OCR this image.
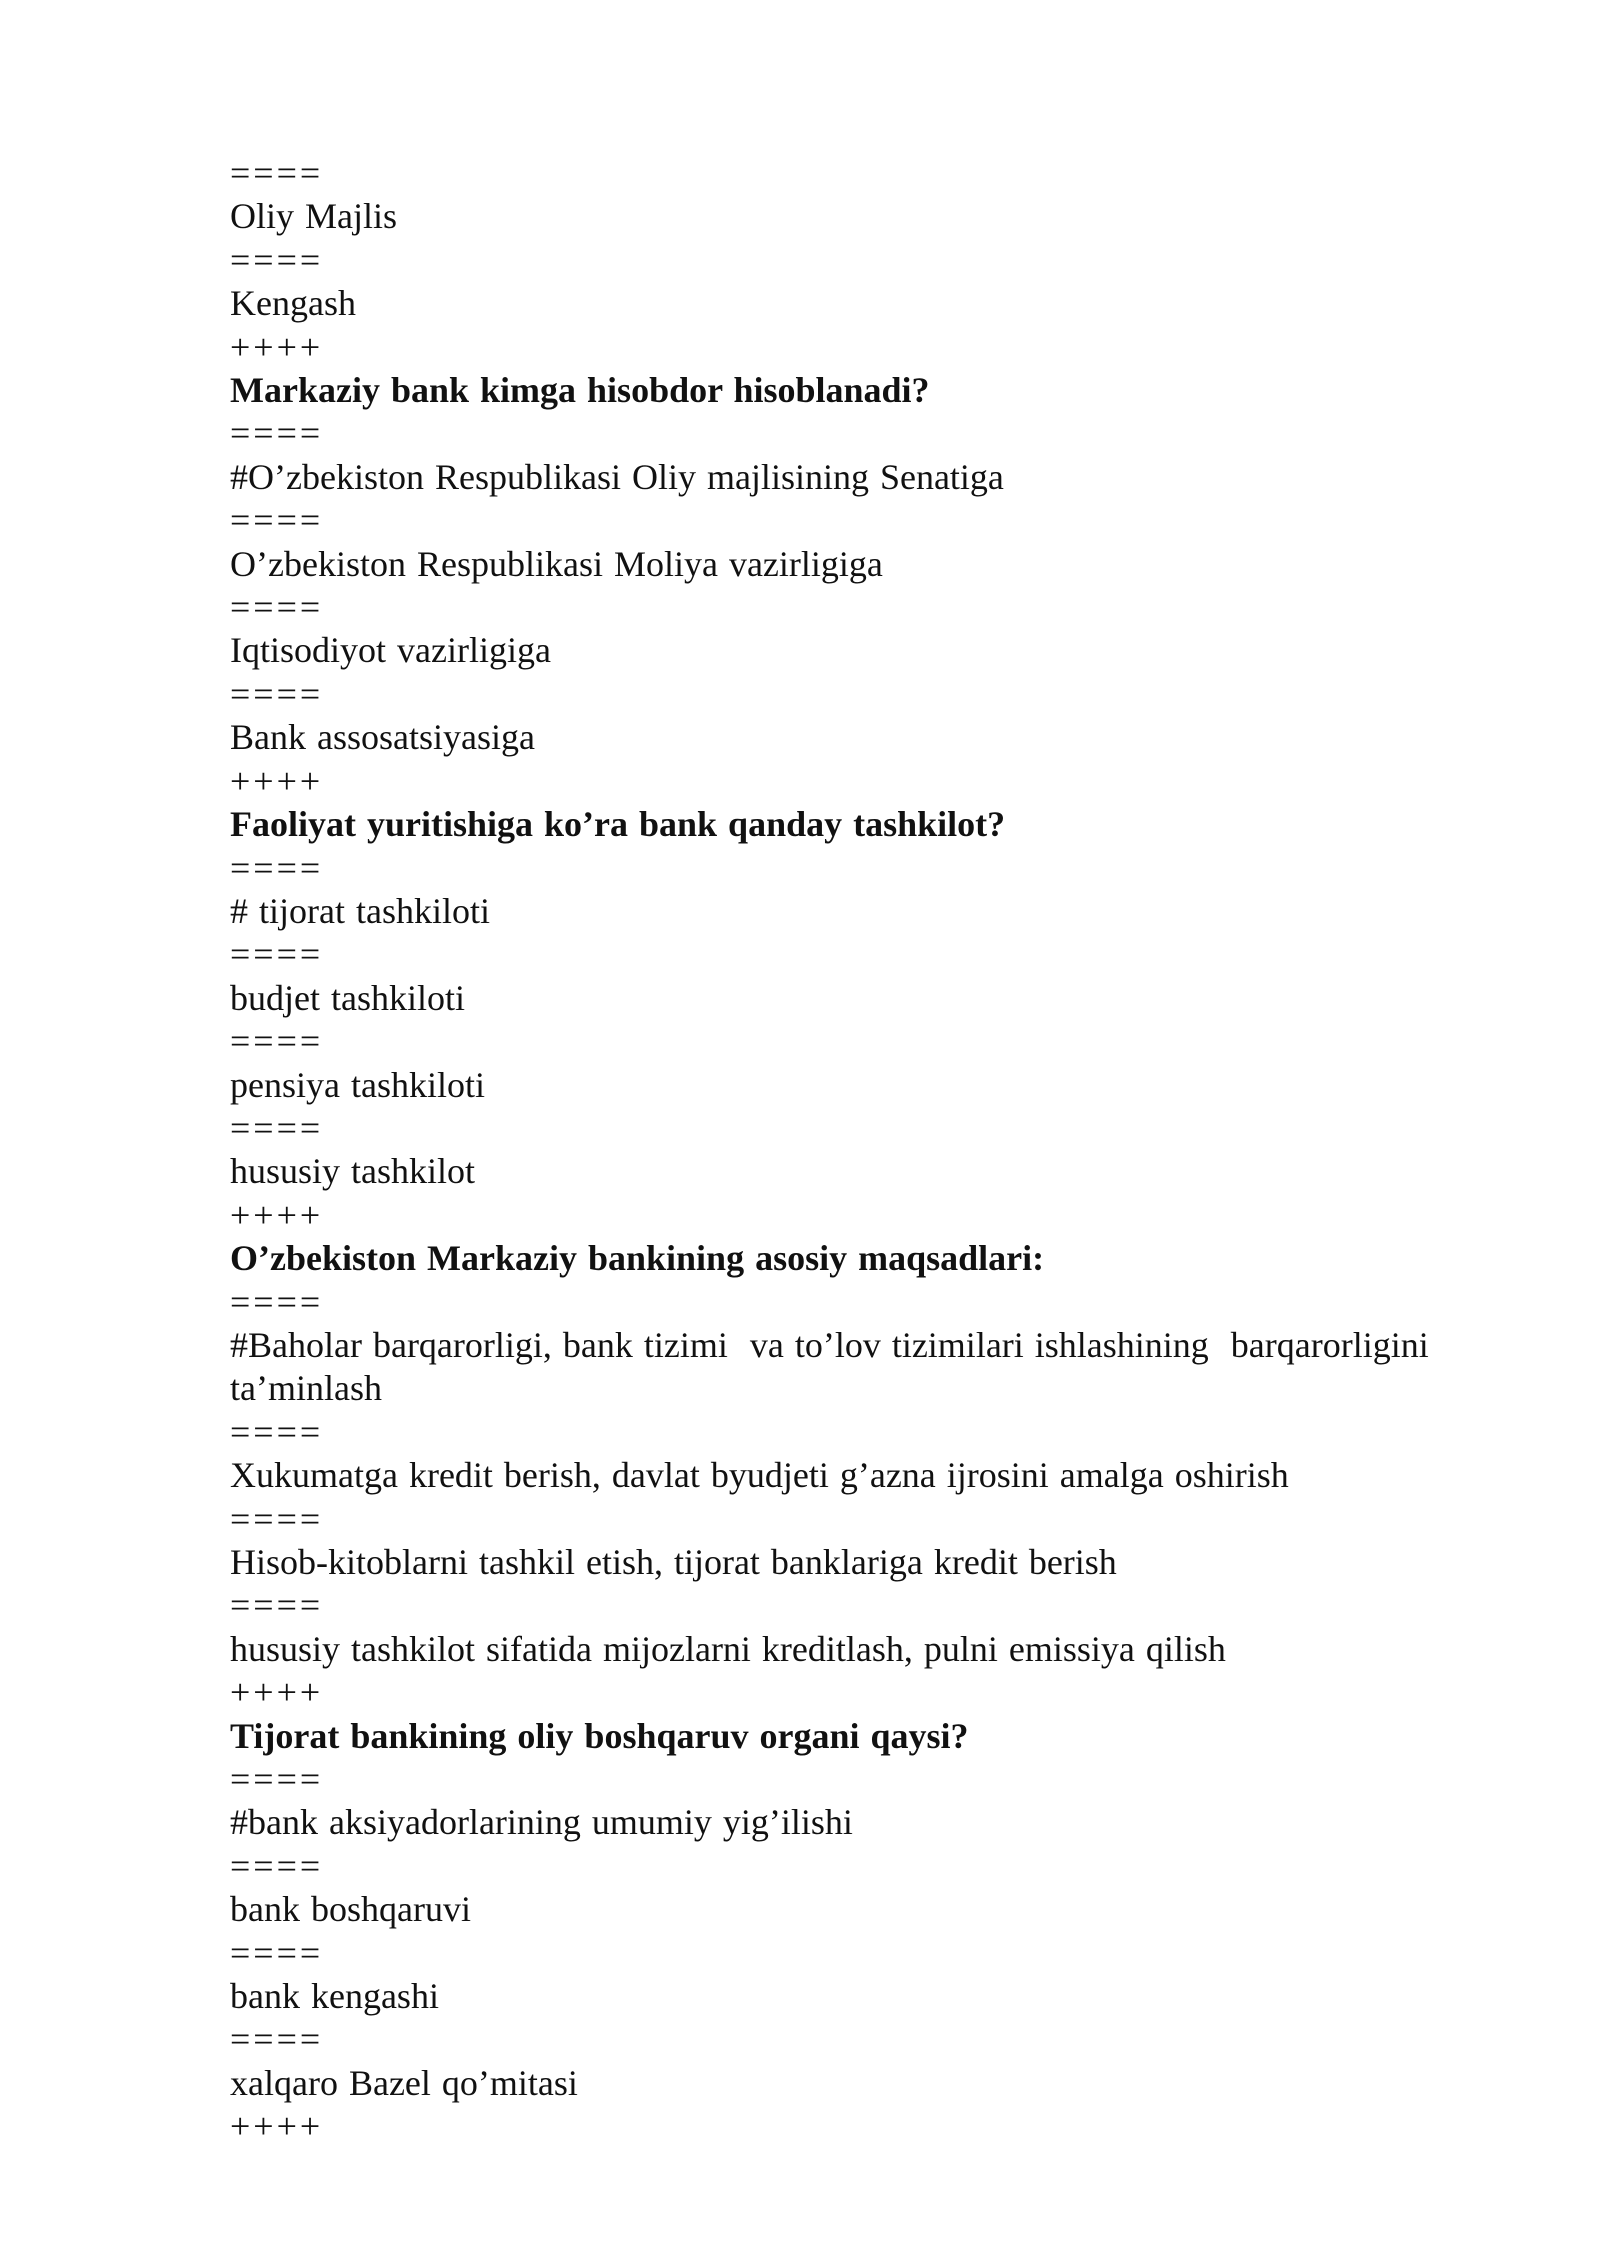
====
Oliy Majlis
====
Kengash
++++
Markaziy bank kimga hisobdor hisoblanadi?
====
#O’zbekiston Respublikasi Oliy majlisining Senatiga
====
O’zbekiston Respublikasi Moliya vazirligiga
====
Iqtisodiyot vazirligiga
====
Bank assosatsiyasiga
++++
Faoliyat yuritishiga ko’ra bank qanday tashkilot?
====
# tijorat tashkiloti
====
budjet tashkiloti
====
pensiya tashkiloti
====
hususiy tashkilot
++++
O’zbekiston Markaziy bankining asosiy maqsadlari:
====
#Baholar barqarorligi, bank tizimi  va to’lov tizimilari ishlashining  barqarorligini ta’minlash
====
Xukumatga kredit berish, davlat byudjeti g’azna ijrosini amalga oshirish
====
Hisob-kitoblarni tashkil etish, tijorat banklariga kredit berish
====
hususiy tashkilot sifatida mijozlarni kreditlash, pulni emissiya qilish
++++
Tijorat bankining oliy boshqaruv organi qaysi?
====
#bank aksiyadorlarining umumiy yig’ilishi
====
bank boshqaruvi
====
bank kengashi
====
xalqaro Bazel qo’mitasi
++++
